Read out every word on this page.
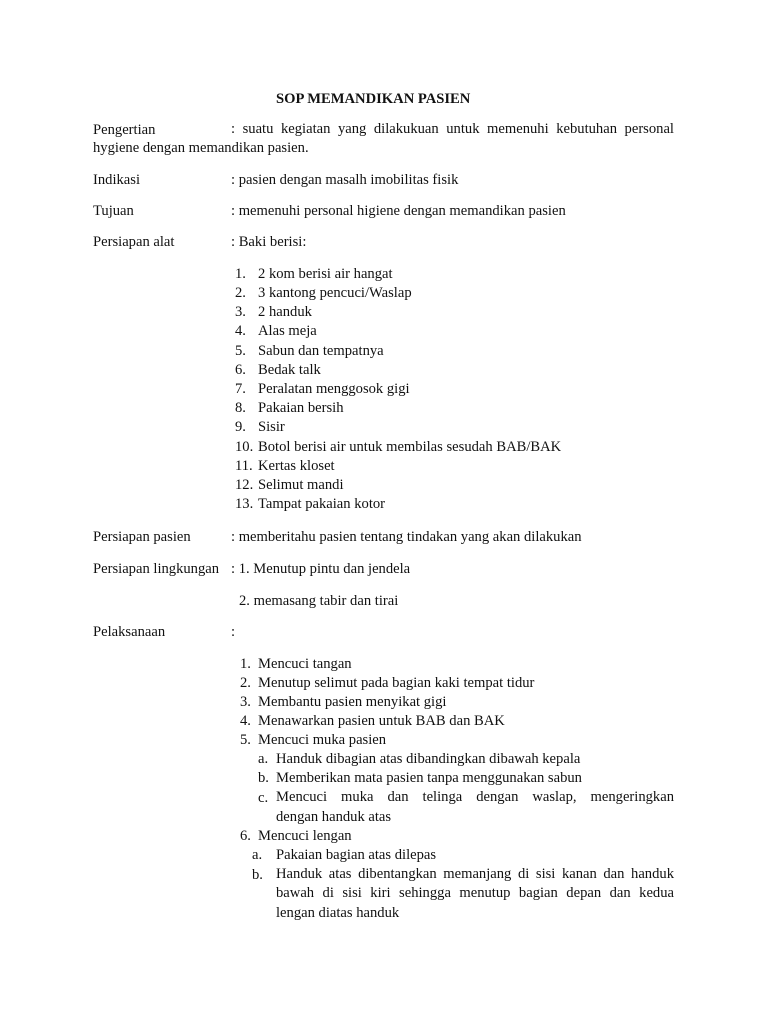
SOP MEMANDIKAN PASIEN
Pengertian	: suatu kegiatan yang dilakukuan untuk memenuhi kebutuhan personal
hygiene dengan memandikan pasien.
Indikasi	: pasien dengan masalh imobilitas fisik
Tujuan	: memenuhi personal higiene dengan memandikan pasien
Persiapan alat	: Baki berisi:
1. 2 kom berisi air hangat
2. 3 kantong pencuci/Waslap
3. 2 handuk
4. Alas meja
5. Sabun dan tempatnya
6. Bedak talk
7. Peralatan menggosok gigi
8. Pakaian bersih
9. Sisir
10. Botol berisi air untuk membilas sesudah BAB/BAK
11. Kertas kloset
12. Selimut mandi
13. Tampat pakaian kotor
Persiapan pasien	: memberitahu pasien tentang tindakan yang akan dilakukan
Persiapan lingkungan : 1. Menutup pintu dan jendela
2. memasang tabir dan tirai
Pelaksanaan	:
1. Mencuci tangan
2. Menutup selimut pada bagian kaki tempat tidur
3. Membantu pasien menyikat gigi
4. Menawarkan pasien untuk BAB dan BAK
5. Mencuci muka pasien
a. Handuk dibagian atas dibandingkan dibawah kepala
b. Memberikan mata pasien tanpa menggunakan sabun
c. Mencuci muka dan telinga dengan waslap, mengeringkan
dengan handuk atas
6. Mencuci lengan
a. Pakaian bagian atas dilepas
b. Handuk atas dibentangkan memanjang di sisi kanan dan handuk
bawah di sisi kiri sehingga menutup bagian depan dan kedua
lengan diatas handuk
